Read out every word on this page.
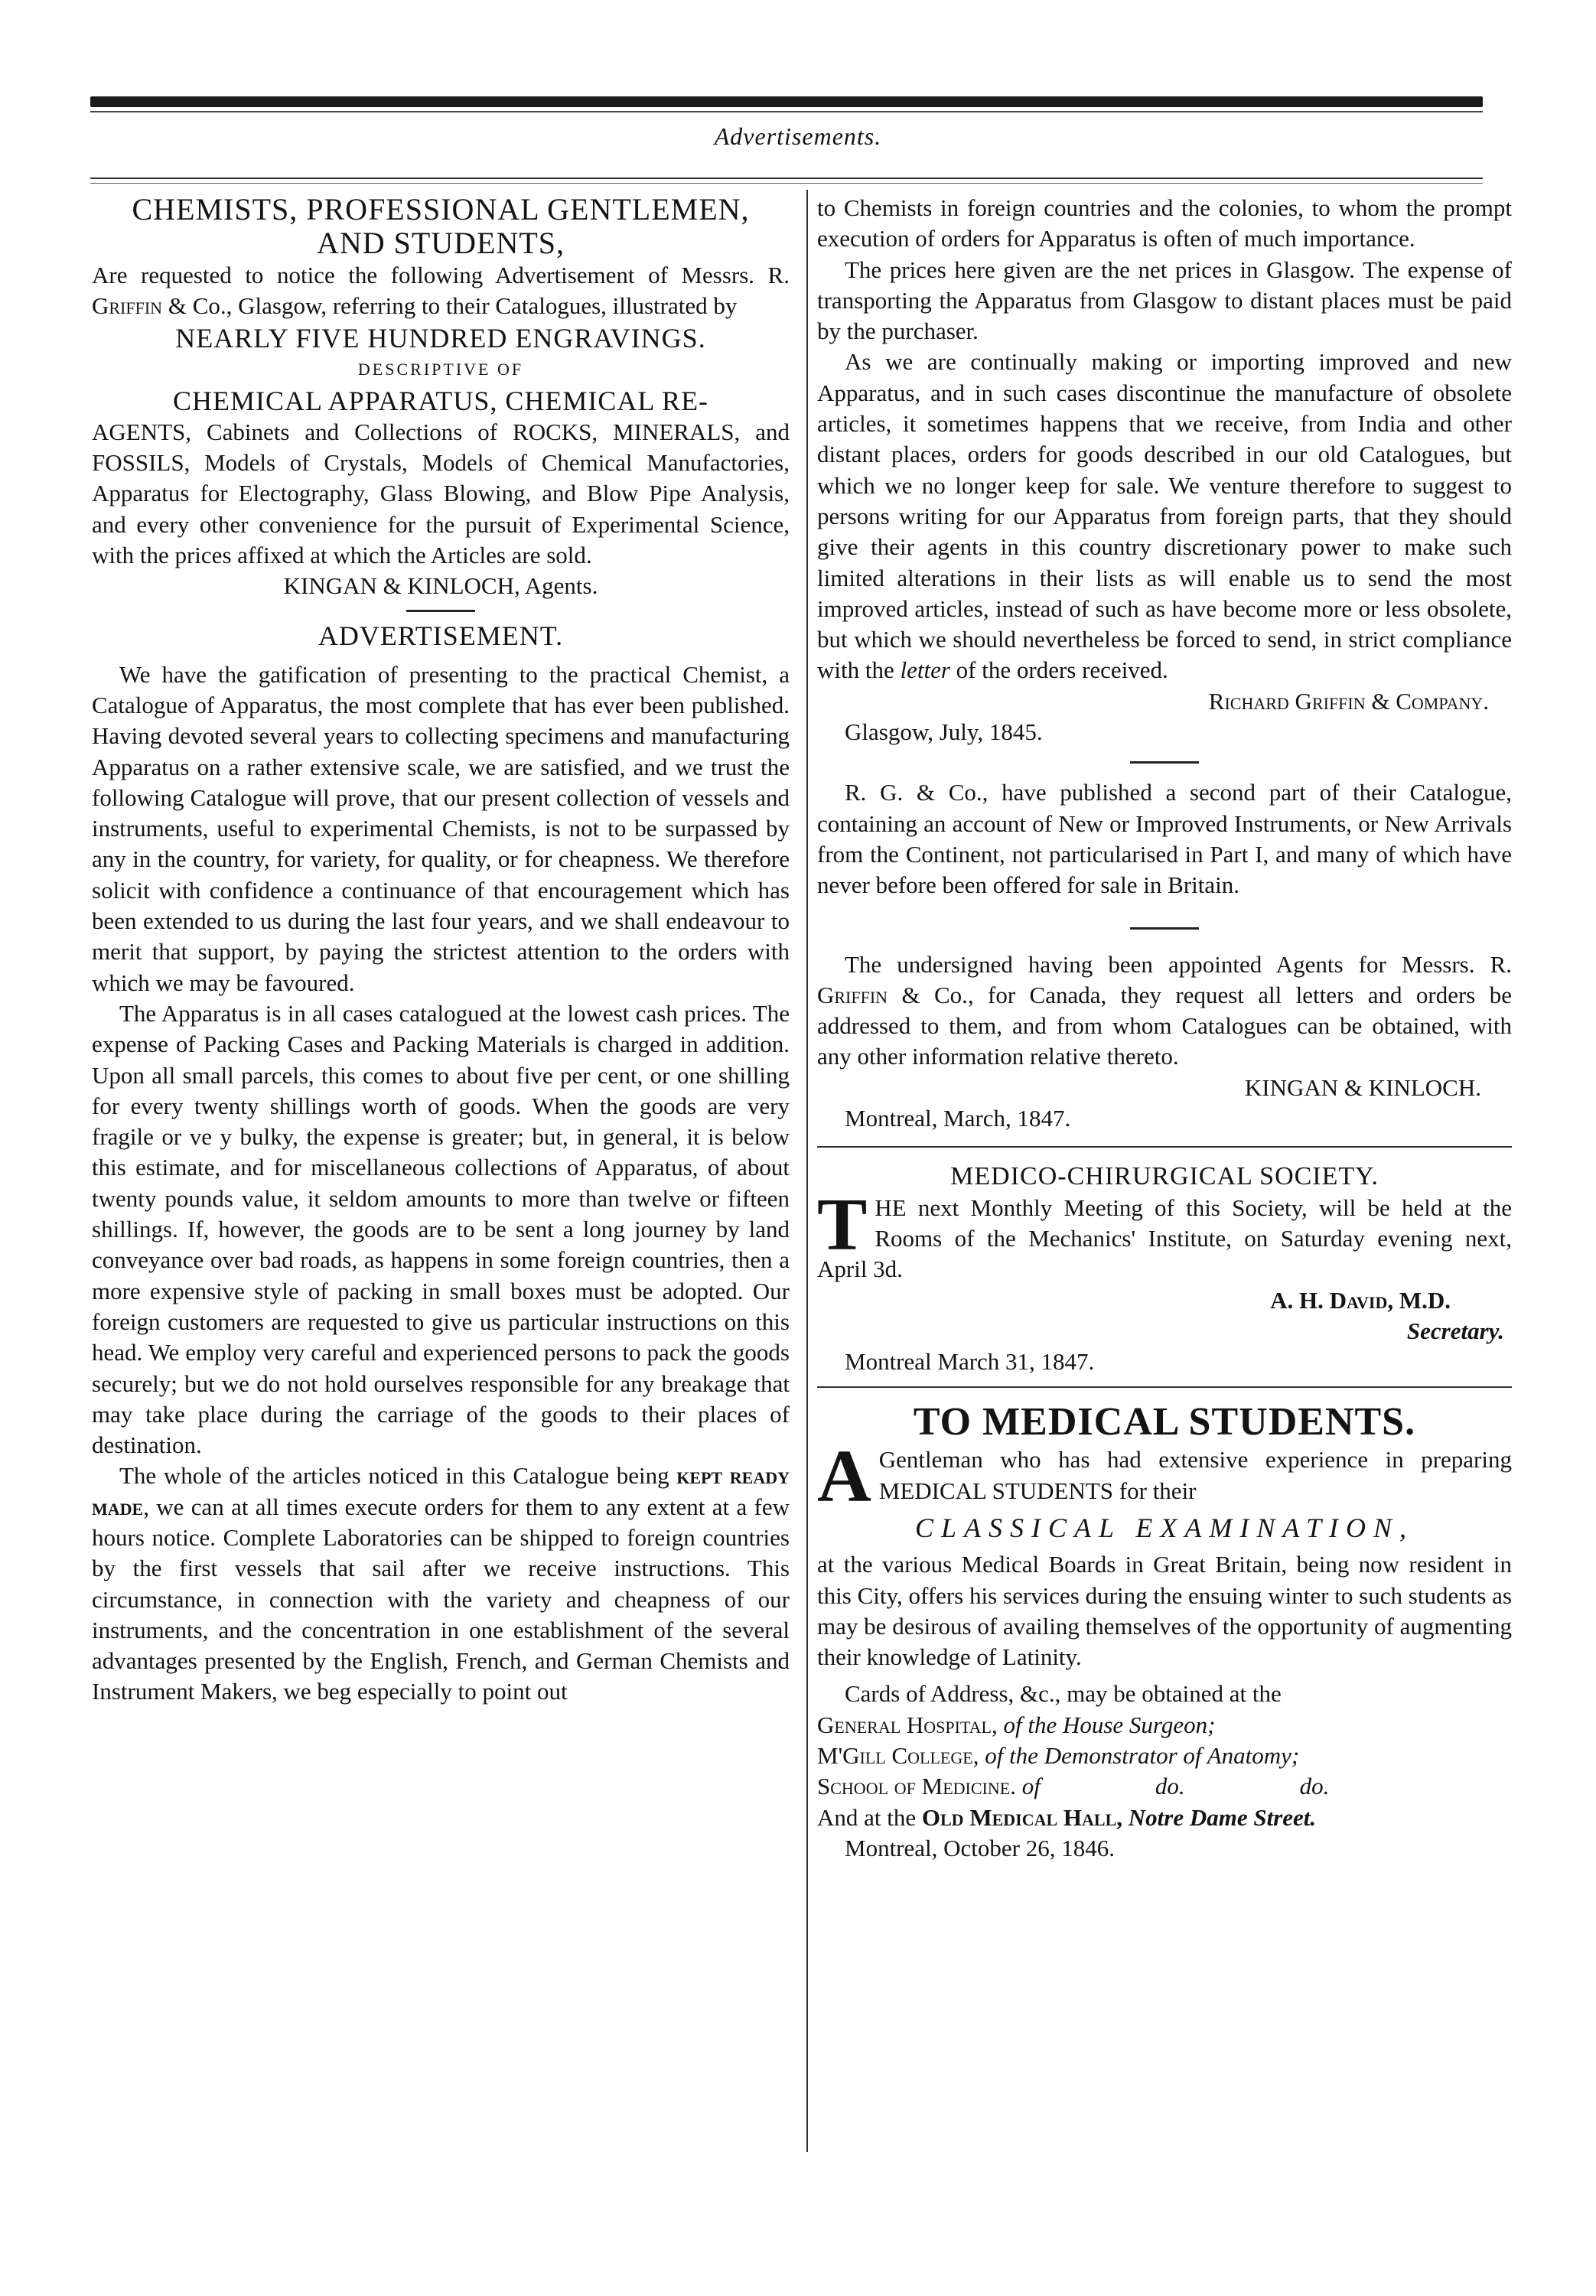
Advertisements.

CHEMISTS, PROFESSIONAL GENTLEMEN,

AND STUDENTS,

Are requested to notice the following Advertisement of Messrs. R. Griffin & Co., Glasgow, referring to their Catalogues, illustrated by

NEARLY FIVE HUNDRED ENGRAVINGS.

DESCRIPTIVE OF

CHEMICAL APPARATUS, CHEMICAL RE-

AGENTS, Cabinets and Collections of ROCKS, MINERALS, and FOSSILS, Models of Crystals, Models of Chemical Manufactories, Apparatus for Electography, Glass Blowing, and Blow Pipe Analysis, and every other convenience for the pursuit of Experimental Science, with the prices affixed at which the Articles are sold.

KINGAN & KINLOCH, Agents.

ADVERTISEMENT.

We have the gatification of presenting to the practical Chemist, a Catalogue of Apparatus, the most complete that has ever been published. Having devoted several years to collecting specimens and manufacturing Apparatus on a rather extensive scale, we are satisfied, and we trust the following Catalogue will prove, that our present collection of vessels and instruments, useful to experimental Chemists, is not to be surpassed by any in the country, for variety, for quality, or for cheapness. We therefore solicit with confidence a continuance of that encouragement which has been extended to us during the last four years, and we shall endeavour to merit that support, by paying the strictest attention to the orders with which we may be favoured.

The Apparatus is in all cases catalogued at the lowest cash prices. The expense of Packing Cases and Packing Materials is charged in addition. Upon all small parcels, this comes to about five per cent, or one shilling for every twenty shillings worth of goods. When the goods are very fragile or ve y bulky, the expense is greater; but, in general, it is below this estimate, and for miscellaneous collections of Apparatus, of about twenty pounds value, it seldom amounts to more than twelve or fifteen shillings. If, however, the goods are to be sent a long journey by land conveyance over bad roads, as happens in some foreign countries, then a more expensive style of packing in small boxes must be adopted. Our foreign customers are requested to give us particular instructions on this head. We employ very careful and experienced persons to pack the goods securely; but we do not hold ourselves responsible for any breakage that may take place during the carriage of the goods to their places of destination.

The whole of the articles noticed in this Catalogue being kept ready made, we can at all times execute orders for them to any extent at a few hours notice. Complete Laboratories can be shipped to foreign countries by the first vessels that sail after we receive instructions. This circumstance, in connection with the variety and cheapness of our instruments, and the concentration in one establishment of the several advantages presented by the English, French, and German Chemists and Instrument Makers, we beg especially to point out

to Chemists in foreign countries and the colonies, to whom the prompt execution of orders for Apparatus is often of much importance.

The prices here given are the net prices in Glasgow. The expense of transporting the Apparatus from Glasgow to distant places must be paid by the purchaser.

As we are continually making or importing improved and new Apparatus, and in such cases discontinue the manufacture of obsolete articles, it sometimes happens that we receive, from India and other distant places, orders for goods described in our old Catalogues, but which we no longer keep for sale. We venture therefore to suggest to persons writing for our Apparatus from foreign parts, that they should give their agents in this country discretionary power to make such limited alterations in their lists as will enable us to send the most improved articles, instead of such as have become more or less obsolete, but which we should nevertheless be forced to send, in strict compliance with the letter of the orders received.

Richard Griffin & Company.

Glasgow, July, 1845.

R. G. & Co., have published a second part of their Catalogue, containing an account of New or Improved Instruments, or New Arrivals from the Continent, not particularised in Part I, and many of which have never before been offered for sale in Britain.

The undersigned having been appointed Agents for Messrs. R. Griffin & Co., for Canada, they request all letters and orders be addressed to them, and from whom Catalogues can be obtained, with any other information relative thereto.

KINGAN & KINLOCH.

Montreal, March, 1847.

MEDICO-CHIRURGICAL SOCIETY.

THE next Monthly Meeting of this Society, will be held at the Rooms of the Mechanics' Institute, on Saturday evening next, April 3d.

A. H. David, M.D.

Secretary.

Montreal March 31, 1847.

TO MEDICAL STUDENTS.

A Gentleman who has had extensive experience in preparing MEDICAL STUDENTS for their

CLASSICAL EXAMINATION,

at the various Medical Boards in Great Britain, being now resident in this City, offers his services during the ensuing winter to such students as may be desirous of availing themselves of the opportunity of augmenting their knowledge of Latinity.

Cards of Address, &c., may be obtained at the

General Hospital, of the House Surgeon;

M'Gill College, of the Demonstrator of Anatomy;

School of Medicine. of	do.	do.

And at the Old Medical Hall, Notre Dame Street.

Montreal, October 26, 1846.
